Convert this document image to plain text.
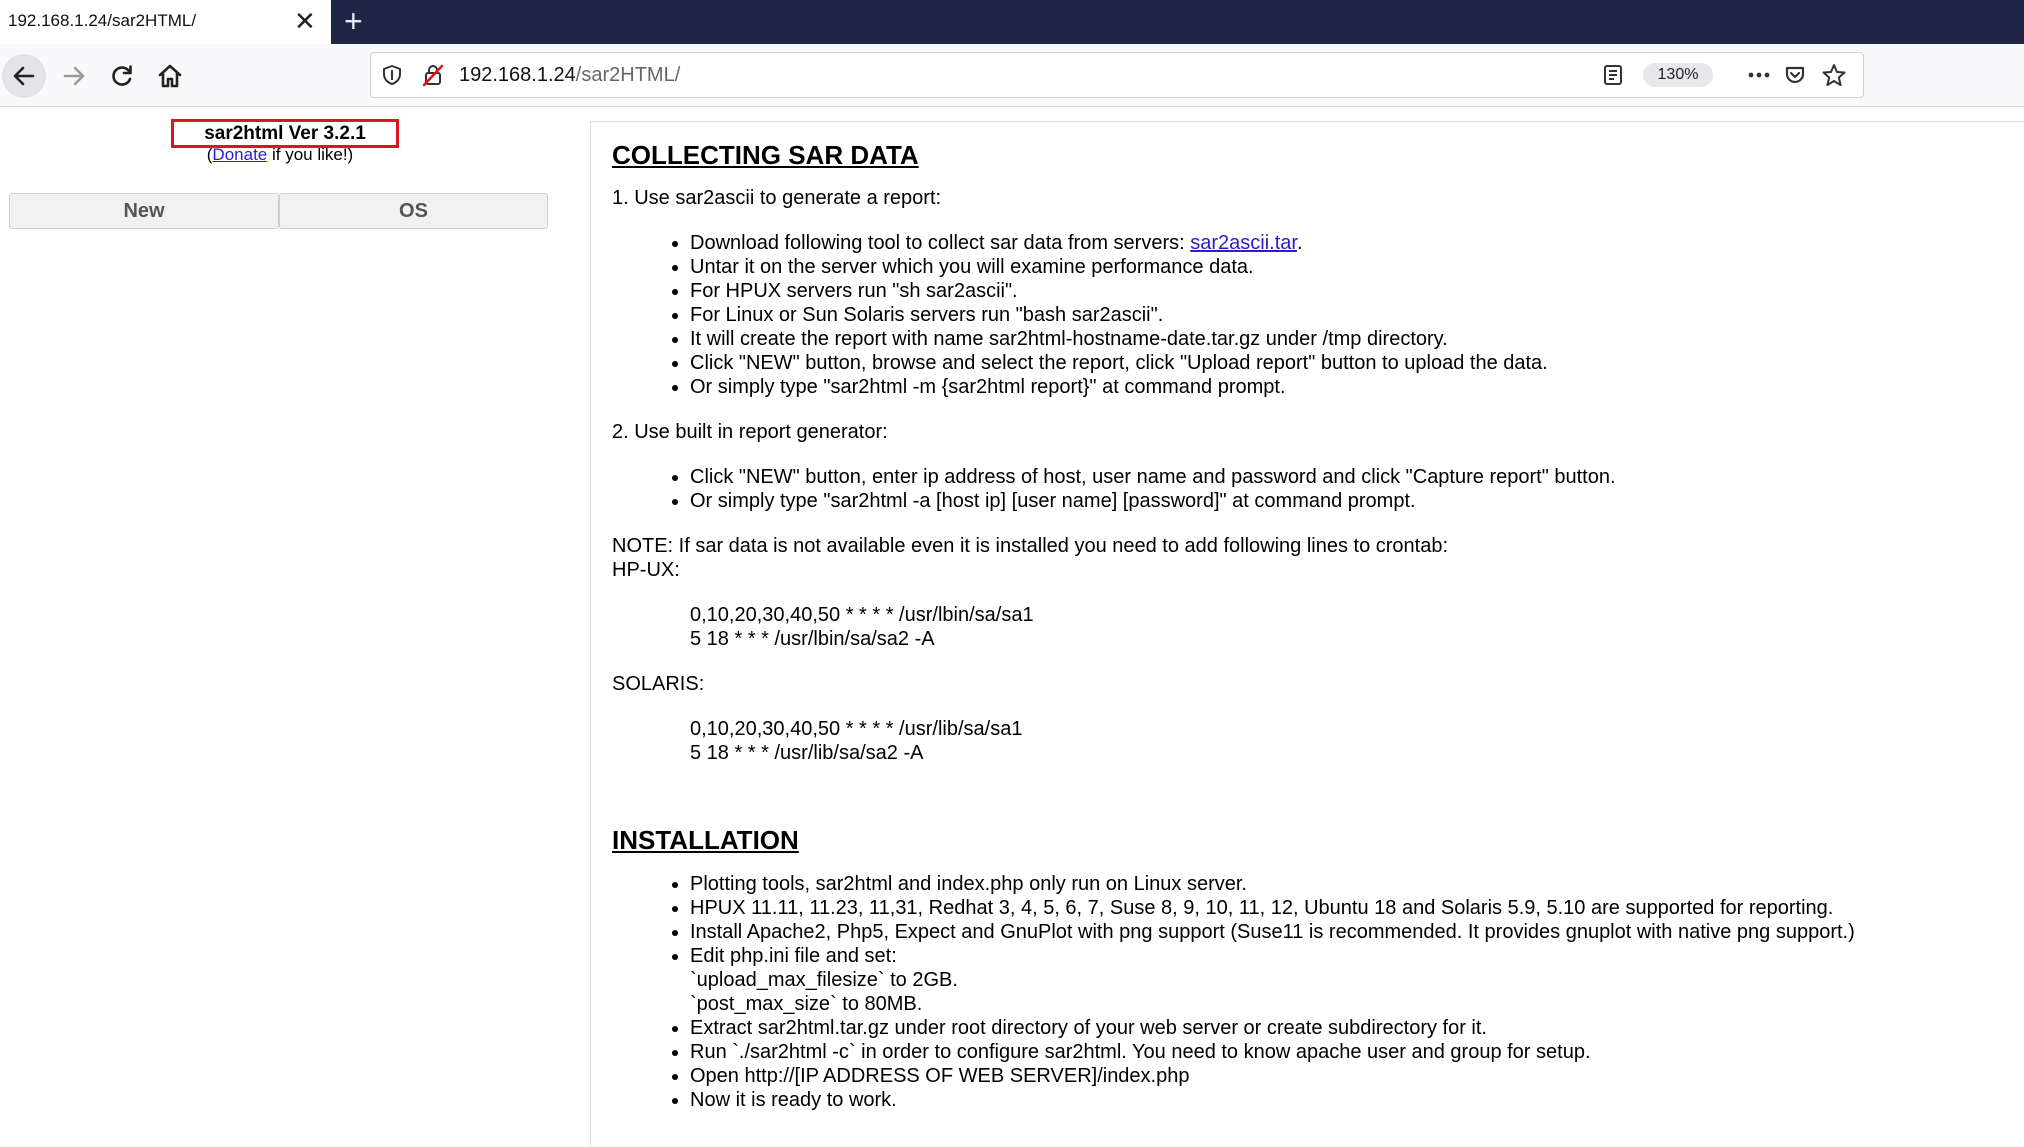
192.168.1.24/sar2HTML/	✕ +
192.168.1.24/sar2HTML/	130%
sar2html Ver 3.2.1
(Donate if you like!)
New	OS
COLLECTING SAR DATA
1. Use sar2ascii to generate a report:
• Download following tool to collect sar data from servers: sar2ascii.tar.
• Untar it on the server which you will examine performance data.
• For HPUX servers run "sh sar2ascii".
• For Linux or Sun Solaris servers run "bash sar2ascii".
• It will create the report with name sar2html-hostname-date.tar.gz under /tmp directory.
• Click "NEW" button, browse and select the report, click "Upload report" button to upload the data.
• Or simply type "sar2html -m {sar2html report}" at command prompt.
2. Use built in report generator:
• Click "NEW" button, enter ip address of host, user name and password and click "Capture report" button.
• Or simply type "sar2html -a [host ip] [user name] [password]" at command prompt.
NOTE: If sar data is not available even it is installed you need to add following lines to crontab:
HP-UX:
0,10,20,30,40,50 * * * * /usr/lbin/sa/sa1
5 18 * * * /usr/lbin/sa/sa2 -A
SOLARIS:
0,10,20,30,40,50 * * * * /usr/lib/sa/sa1
5 18 * * * /usr/lib/sa/sa2 -A
INSTALLATION
• Plotting tools, sar2html and index.php only run on Linux server.
• HPUX 11.11, 11.23, 11,31, Redhat 3, 4, 5, 6, 7, Suse 8, 9, 10, 11, 12, Ubuntu 18 and Solaris 5.9, 5.10 are supported for reporting.
• Install Apache2, Php5, Expect and GnuPlot with png support (Suse11 is recommended. It provides gnuplot with native png support.)
• Edit php.ini file and set:
`upload_max_filesize` to 2GB.
`post_max_size` to 80MB.
• Extract sar2html.tar.gz under root directory of your web server or create subdirectory for it.
• Run `./sar2html -c` in order to configure sar2html. You need to know apache user and group for setup.
• Open http://[IP ADDRESS OF WEB SERVER]/index.php
• Now it is ready to work.
